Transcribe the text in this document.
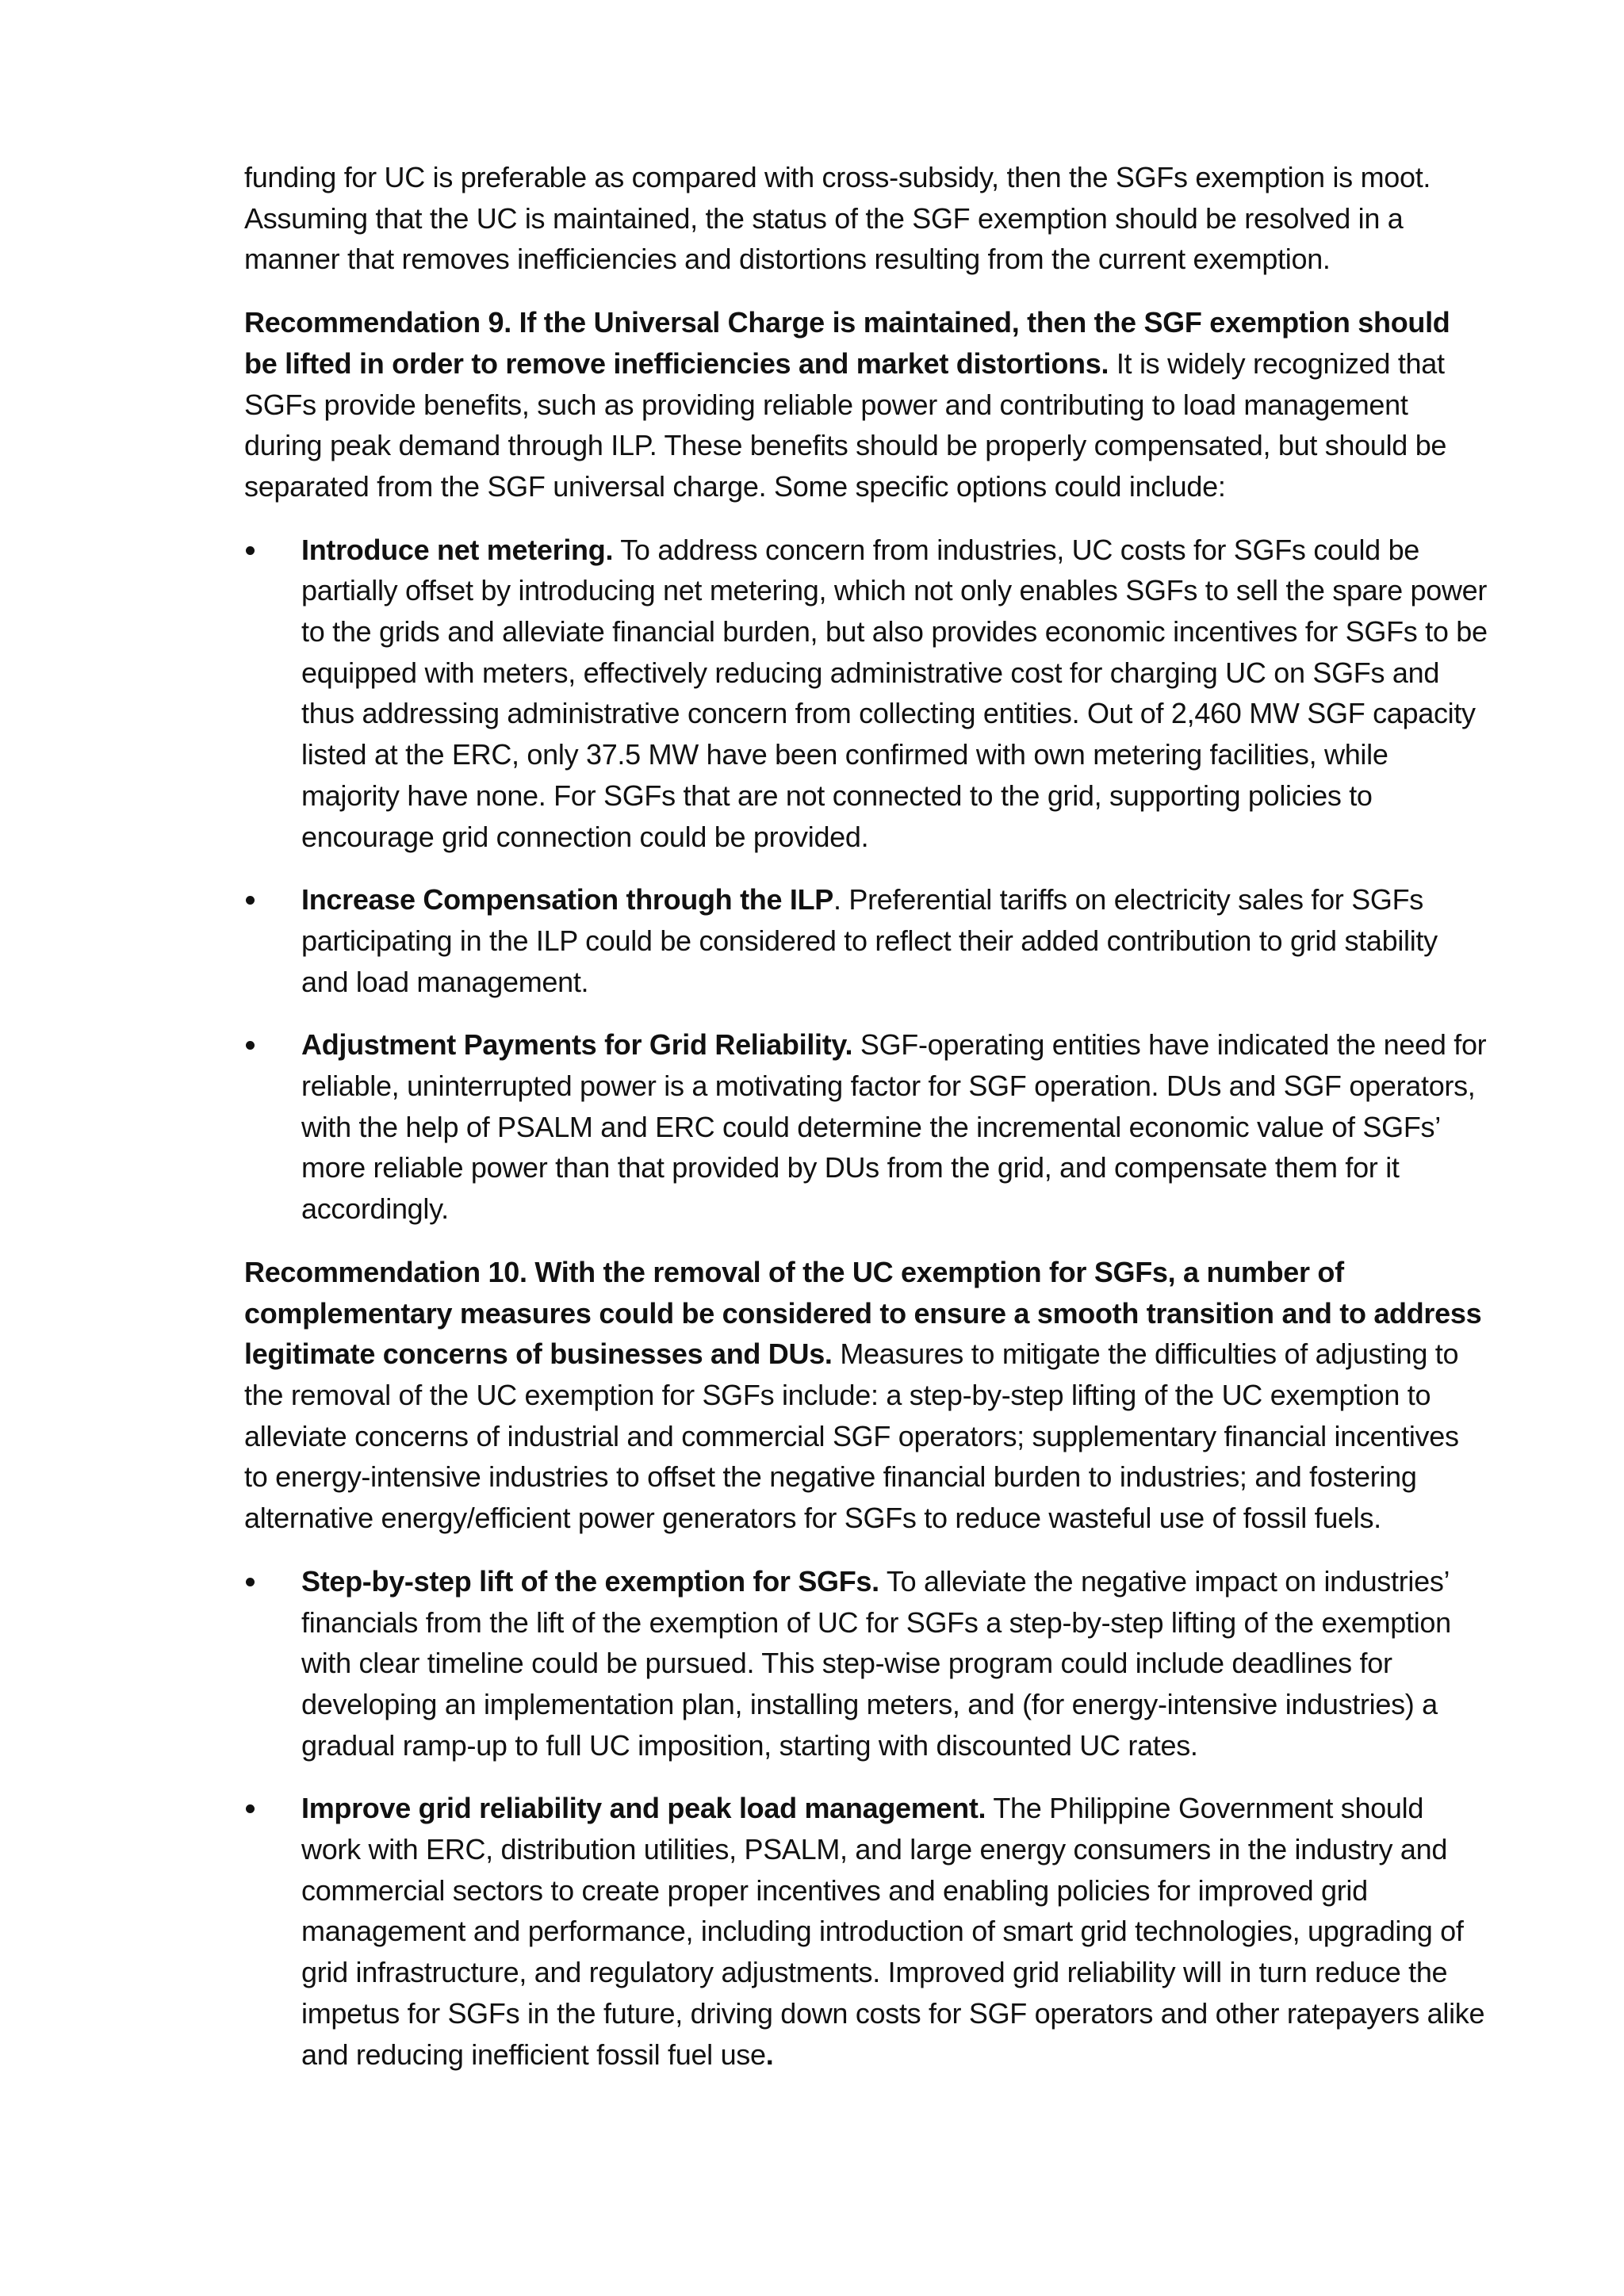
funding for UC is preferable as compared with cross-subsidy, then the SGFs exemption is moot. Assuming that the UC is maintained, the status of the SGF exemption should be resolved in a manner that removes inefficiencies and distortions resulting from the current exemption.

Recommendation 9. If the Universal Charge is maintained, then the SGF exemption should be lifted in order to remove inefficiencies and market distortions. It is widely recognized that SGFs provide benefits, such as providing reliable power and contributing to load management during peak demand through ILP. These benefits should be properly compensated, but should be separated from the SGF universal charge. Some specific options could include:

Introduce net metering. To address concern from industries, UC costs for SGFs could be partially offset by introducing net metering, which not only enables SGFs to sell the spare power to the grids and alleviate financial burden, but also provides economic incentives for SGFs to be equipped with meters, effectively reducing administrative cost for charging UC on SGFs and thus addressing administrative concern from collecting entities. Out of 2,460 MW SGF capacity listed at the ERC, only 37.5 MW have been confirmed with own metering facilities, while majority have none. For SGFs that are not connected to the grid, supporting policies to encourage grid connection could be provided.
Increase Compensation through the ILP. Preferential tariffs on electricity sales for SGFs participating in the ILP could be considered to reflect their added contribution to grid stability and load management.
Adjustment Payments for Grid Reliability. SGF-operating entities have indicated the need for reliable, uninterrupted power is a motivating factor for SGF operation. DUs and SGF operators, with the help of PSALM and ERC could determine the incremental economic value of SGFs’ more reliable power than that provided by DUs from the grid, and compensate them for it accordingly.

Recommendation 10. With the removal of the UC exemption for SGFs, a number of complementary measures could be considered to ensure a smooth transition and to address legitimate concerns of businesses and DUs. Measures to mitigate the difficulties of adjusting to the removal of the UC exemption for SGFs include: a step-by-step lifting of the UC exemption to alleviate concerns of industrial and commercial SGF operators; supplementary financial incentives to energy-intensive industries to offset the negative financial burden to industries; and fostering alternative energy/efficient power generators for SGFs to reduce wasteful use of fossil fuels.

Step-by-step lift of the exemption for SGFs. To alleviate the negative impact on industries’ financials from the lift of the exemption of UC for SGFs a step-by-step lifting of the exemption with clear timeline could be pursued. This step-wise program could include deadlines for developing an implementation plan, installing meters, and (for energy-intensive industries) a gradual ramp-up to full UC imposition, starting with discounted UC rates.
Improve grid reliability and peak load management. The Philippine Government should work with ERC, distribution utilities, PSALM, and large energy consumers in the industry and commercial sectors to create proper incentives and enabling policies for improved grid management and performance, including introduction of smart grid technologies, upgrading of grid infrastructure, and regulatory adjustments. Improved grid reliability will in turn reduce the impetus for SGFs in the future, driving down costs for SGF operators and other ratepayers alike and reducing inefficient fossil fuel use.
